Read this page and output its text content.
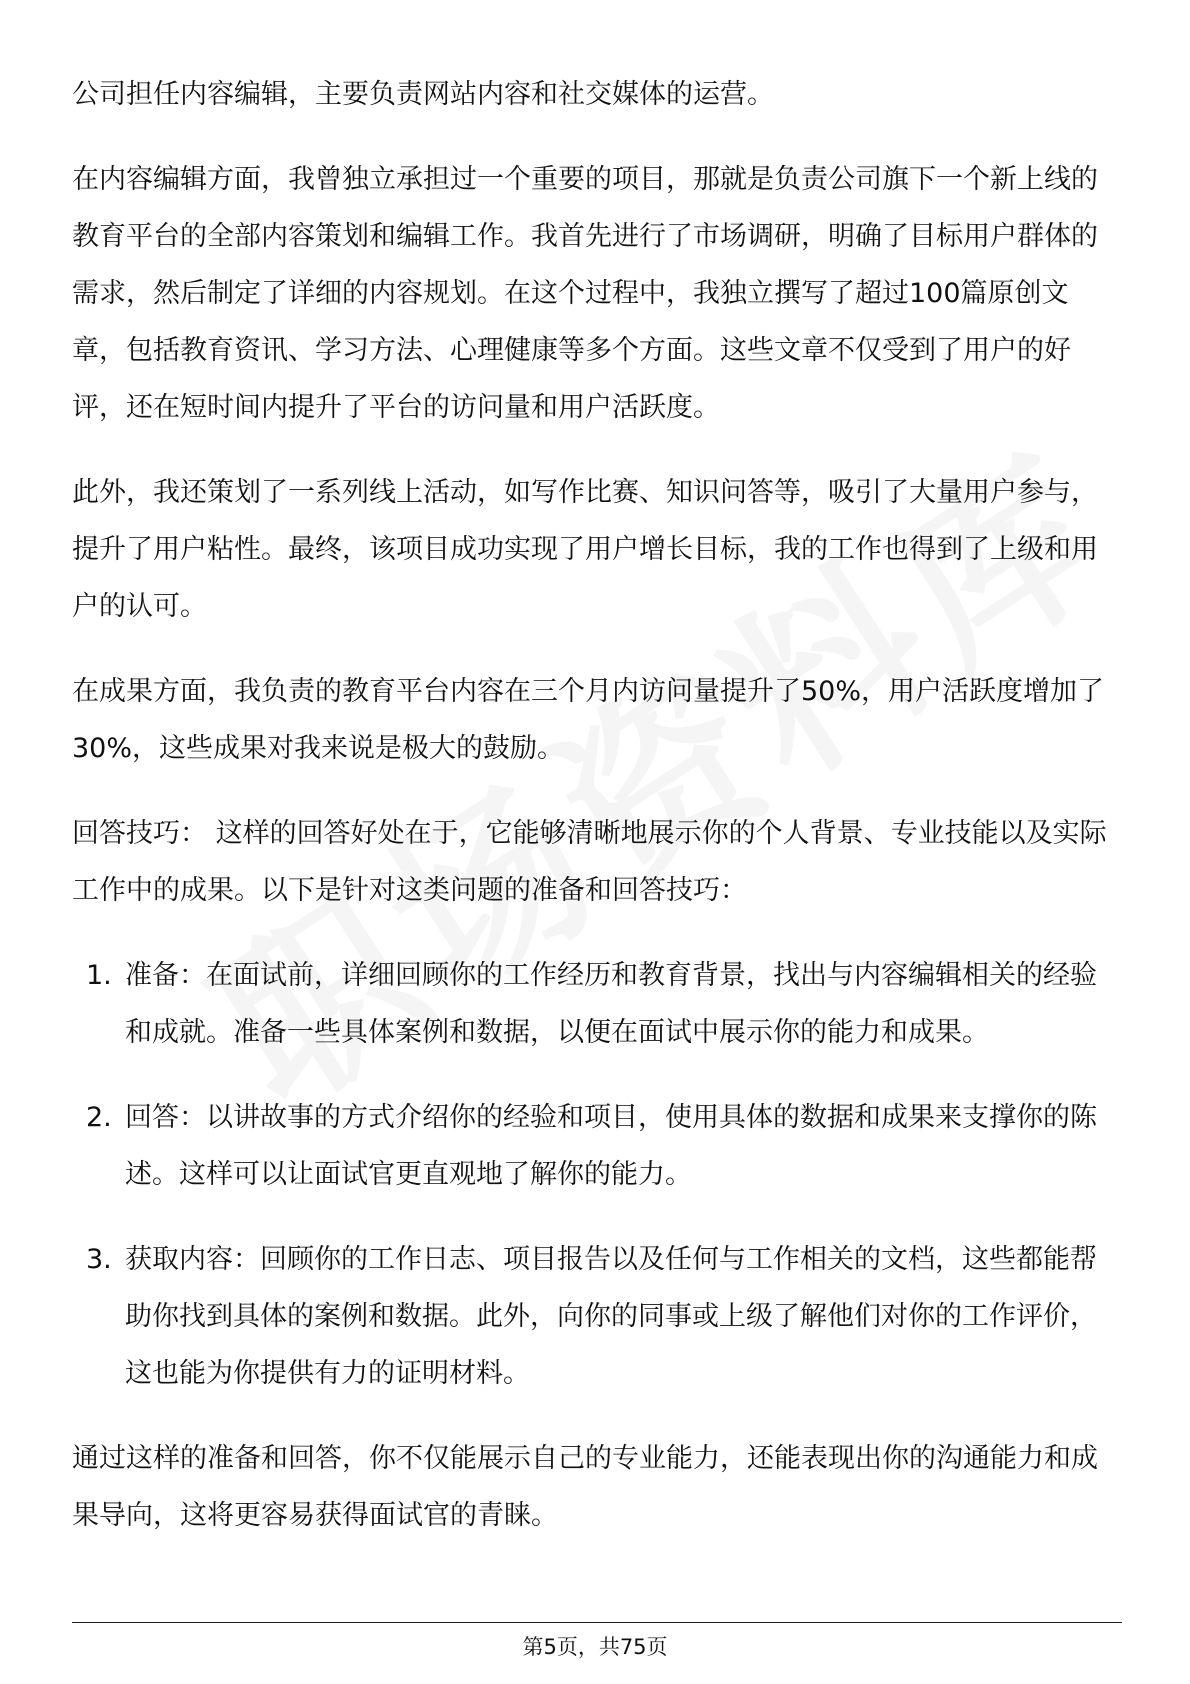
公司担任内容编辑，主要负责网站内容和社交媒体的运营。

在内容编辑方面，我曾独立承担过一个重要的项目，那就是负责公司旗下一个新上线的教育平台的全部内容策划和编辑工作。我首先进行了市场调研，明确了目标用户群体的需求，然后制定了详细的内容规划。在这个过程中，我独立撰写了超过100篇原创文章，包括教育资讯、学习方法、心理健康等多个方面。这些文章不仅受到了用户的好评，还在短时间内提升了平台的访问量和用户活跃度。

此外，我还策划了一系列线上活动，如写作比赛、知识问答等，吸引了大量用户参与，提升了用户粘性。最终，该项目成功实现了用户增长目标，我的工作也得到了上级和用户的认可。

在成果方面，我负责的教育平台内容在三个月内访问量提升了50%，用户活跃度增加了30%，这些成果对我来说是极大的鼓励。

回答技巧： 这样的回答好处在于，它能够清晰地展示你的个人背景、专业技能以及实际工作中的成果。以下是针对这类问题的准备和回答技巧：

1. 准备：在面试前，详细回顾你的工作经历和教育背景，找出与内容编辑相关的经验和成就。准备一些具体案例和数据，以便在面试中展示你的能力和成果。
2. 回答：以讲故事的方式介绍你的经验和项目，使用具体的数据和成果来支撑你的陈述。这样可以让面试官更直观地了解你的能力。
3. 获取内容：回顾你的工作日志、项目报告以及任何与工作相关的文档，这些都能帮助你找到具体的案例和数据。此外，向你的同事或上级了解他们对你的工作评价，这也能为你提供有力的证明材料。

通过这样的准备和回答，你不仅能展示自己的专业能力，还能表现出你的沟通能力和成果导向，这将更容易获得面试官的青睐。

第5页，共75页
